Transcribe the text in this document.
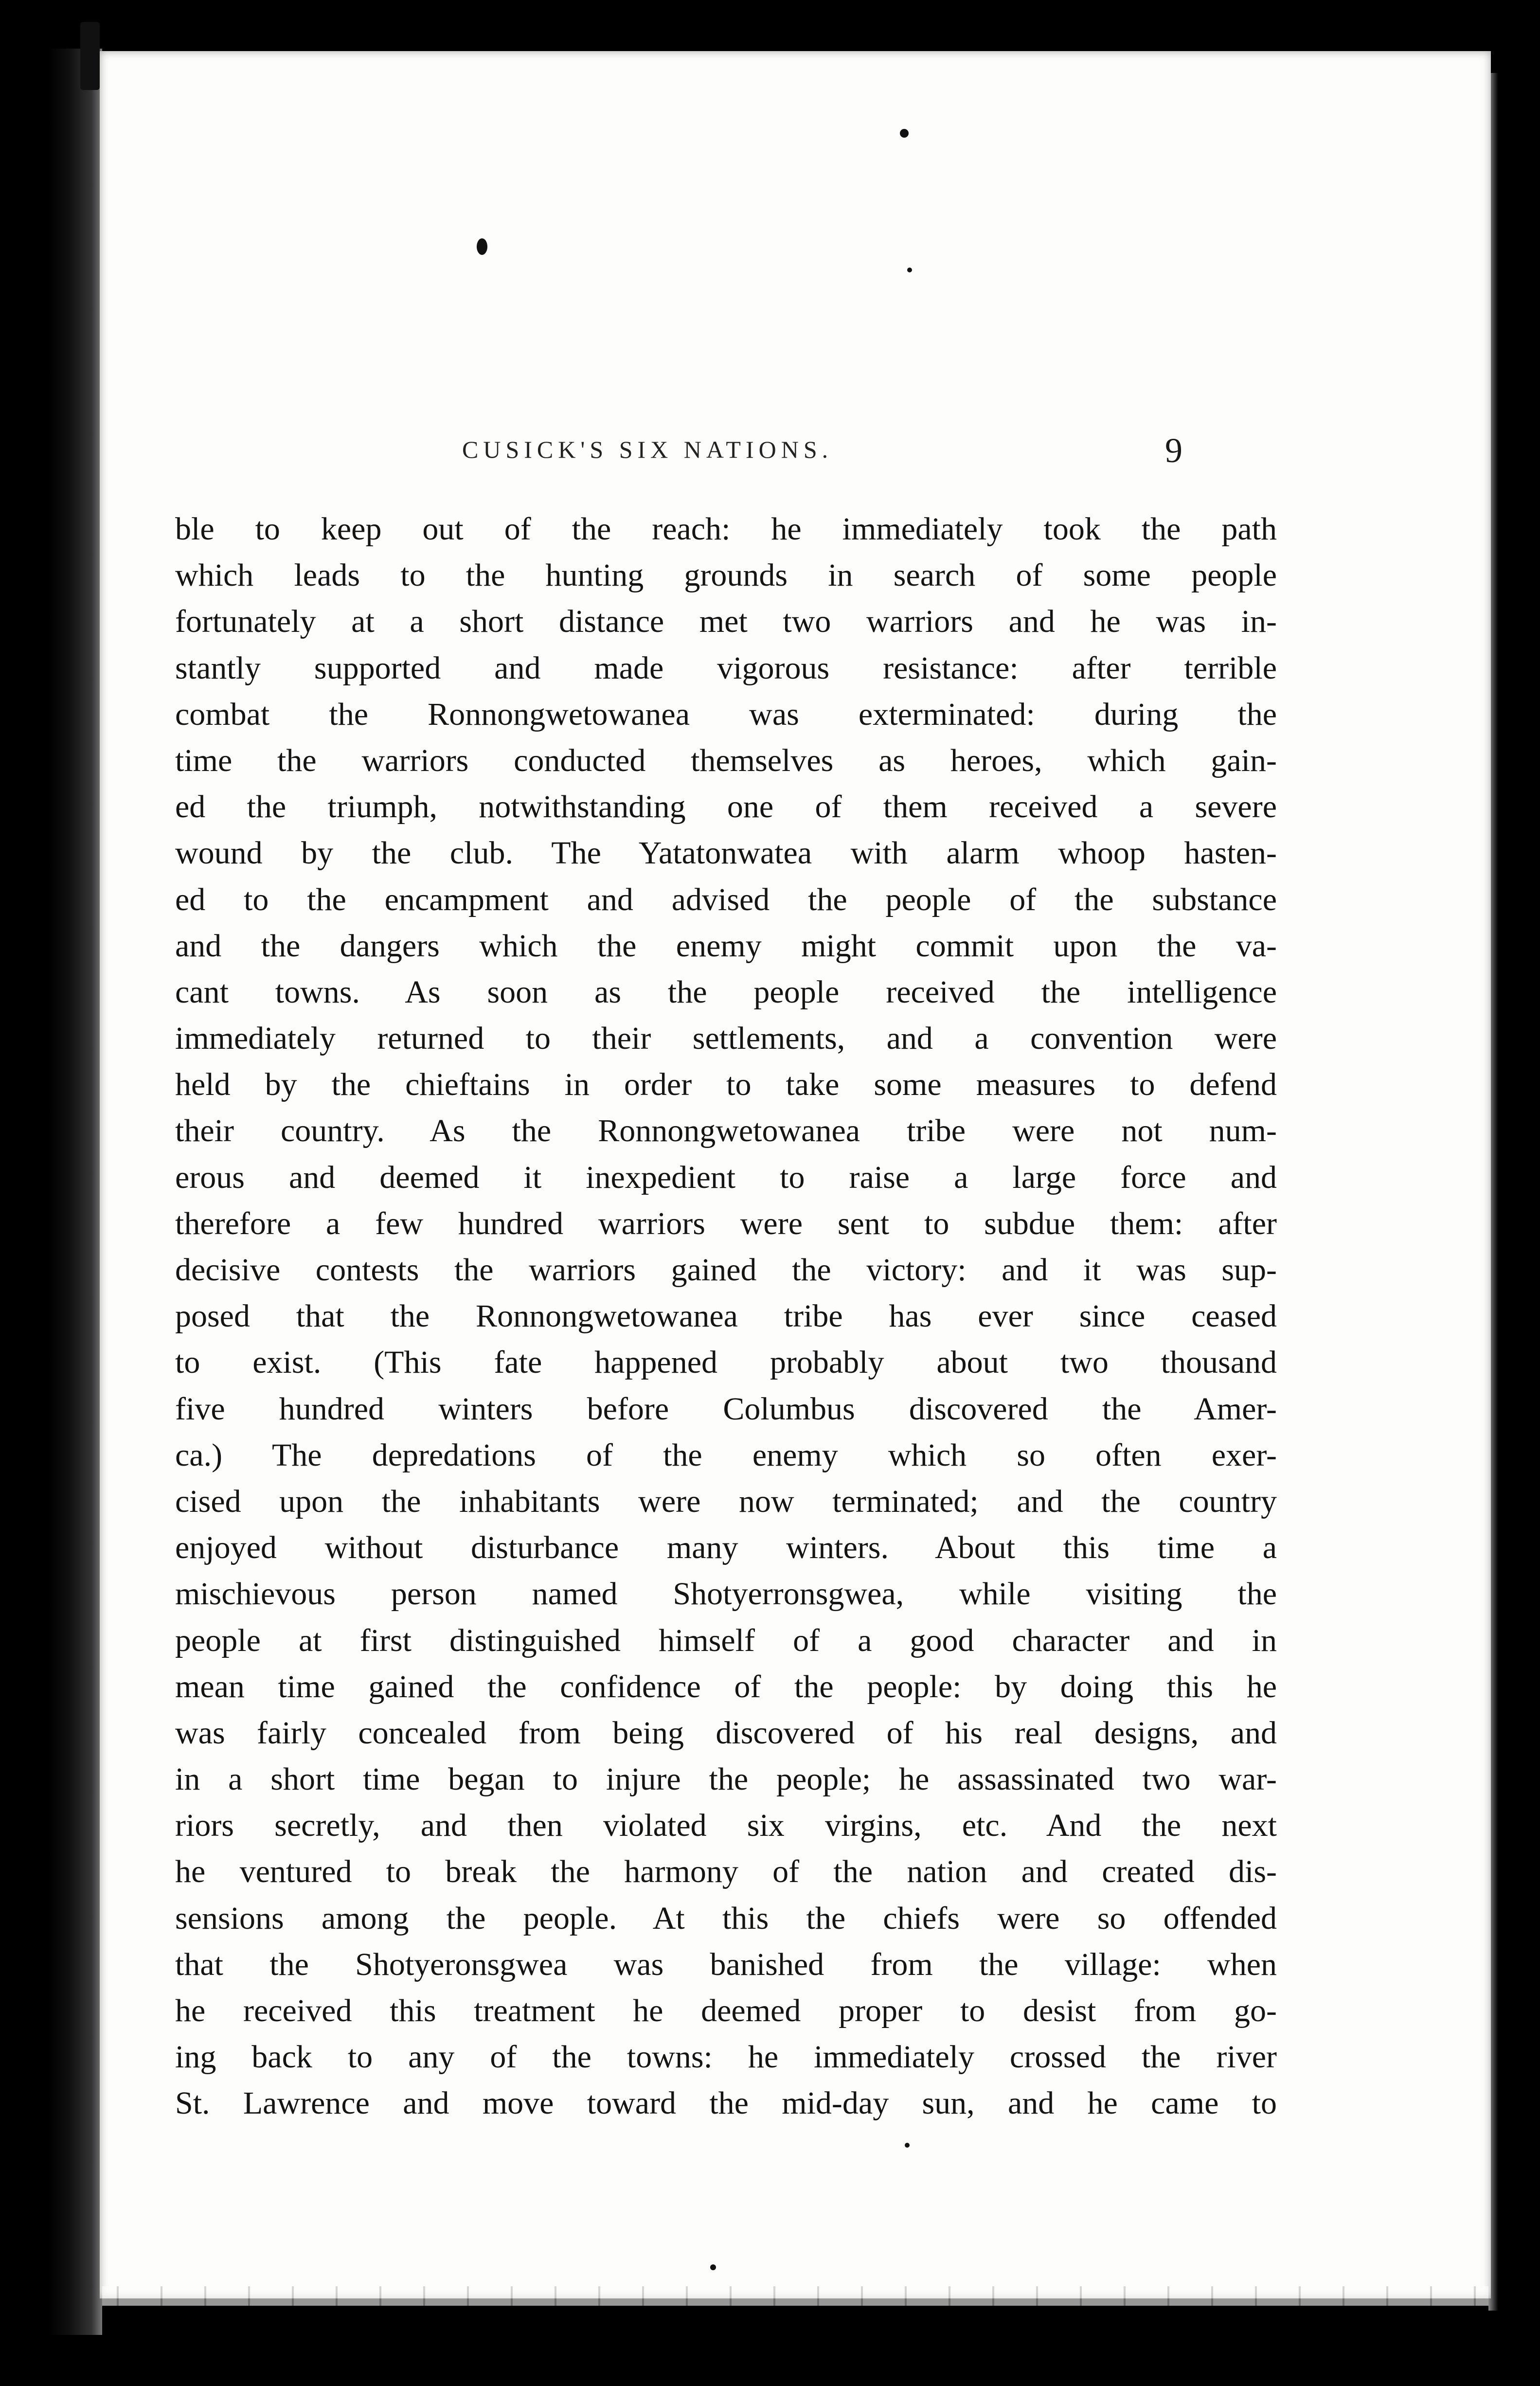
CUSICK'S SIX NATIONS.	9
ble to keep out of the reach: he immediately took the path
which leads to the hunting grounds in search of some people
fortunately at a short distance met two warriors and he was in-
stantly supported and made vigorous resistance: after terrible
combat the Ronnongwetowanea was exterminated: during the
time the warriors conducted themselves as heroes, which gain-
ed the triumph, notwithstanding one of them received a severe
wound by the club. The Yatatonwatea with alarm whoop hasten-
ed to the encampment and advised the people of the substance
and the dangers which the enemy might commit upon the va-
cant towns. As soon as the people received the intelligence
immediately returned to their settlements, and a convention were
held by the chieftains in order to take some measures to defend
their country. As the Ronnongwetowanea tribe were not num-
erous and deemed it inexpedient to raise a large force and
therefore a few hundred warriors were sent to subdue them: after
decisive contests the warriors gained the victory: and it was sup-
posed that the Ronnongwetowanea tribe has ever since ceased
to exist. (This fate happened probably about two thousand
five hundred winters before Columbus discovered the Amer-
ca.) The depredations of the enemy which so often exer-
cised upon the inhabitants were now terminated; and the country
enjoyed without disturbance many winters. About this time a
mischievous person named Shotyerronsgwea, while visiting the
people at first distinguished himself of a good character and in
mean time gained the confidence of the people: by doing this he
was fairly concealed from being discovered of his real designs, and
in a short time began to injure the people; he assassinated two war-
riors secretly, and then violated six virgins, etc. And the next
he ventured to break the harmony of the nation and created dis-
sensions among the people. At this the chiefs were so offended
that the Shotyeronsgwea was banished from the village: when
he received this treatment he deemed proper to desist from go-
ing back to any of the towns: he immediately crossed the river
St. Lawrence and move toward the mid-day sun, and he came to
